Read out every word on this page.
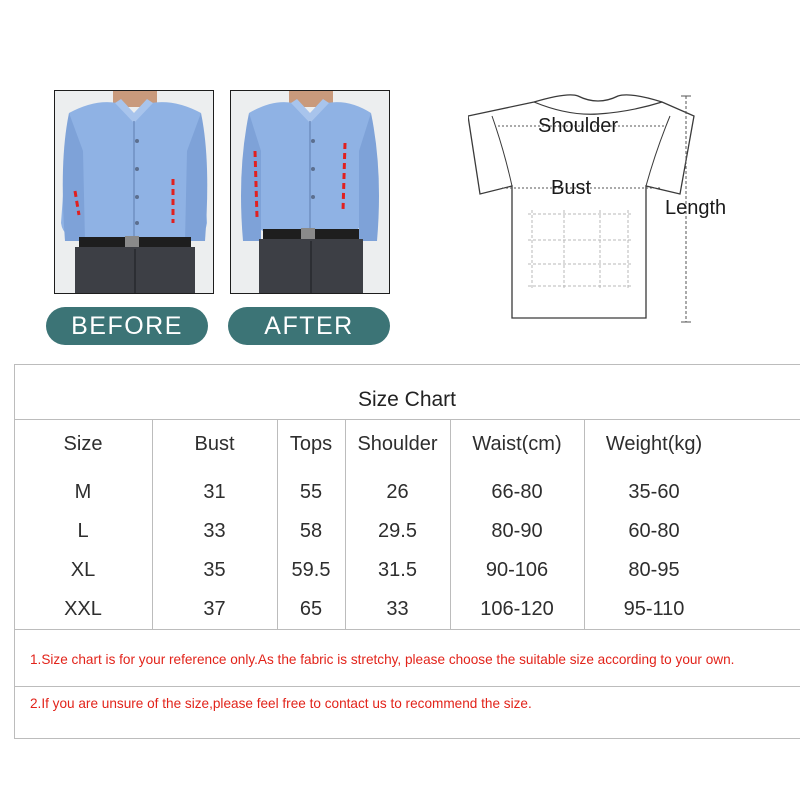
BEFORE	AFTER
Shoulder
Bust
Length
Size Chart
Size	Bust	Tops	Shoulder	Waist(cm)	Weight(kg)
M	31	55	26	66-80	35-60
L	33	58	29.5	80-90	60-80
XL	35	59.5	31.5	90-106	80-95
XXL	37	65	33	106-120	95-110
1.Size chart is for your reference only.As the fabric is stretchy, please choose the suitable size according to your own.
2.If you are unsure of the size,please feel free to contact us to recommend the size.
